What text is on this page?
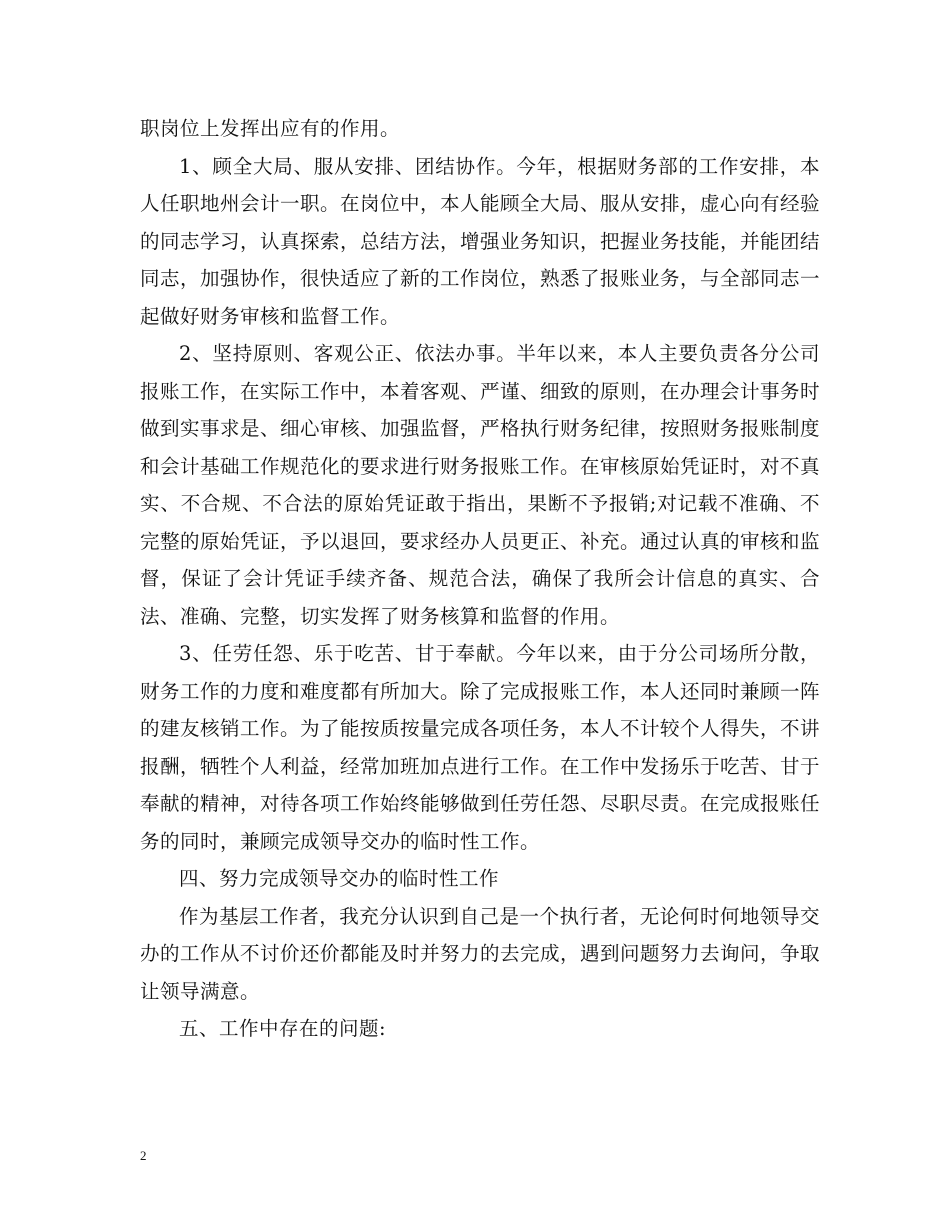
职岗位上发挥出应有的作用。

1、顾全大局、服从安排、团结协作。今年，根据财务部的工作安排，本人任职地州会计一职。在岗位中，本人能顾全大局、服从安排，虚心向有经验的同志学习，认真探索，总结方法，增强业务知识，把握业务技能，并能团结同志，加强协作，很快适应了新的工作岗位，熟悉了报账业务，与全部同志一起做好财务审核和监督工作。

2、坚持原则、客观公正、依法办事。半年以来，本人主要负责各分公司报账工作，在实际工作中，本着客观、严谨、细致的原则，在办理会计事务时做到实事求是、细心审核、加强监督，严格执行财务纪律，按照财务报账制度和会计基础工作规范化的要求进行财务报账工作。在审核原始凭证时，对不真实、不合规、不合法的原始凭证敢于指出，果断不予报销;对记载不准确、不完整的原始凭证，予以退回，要求经办人员更正、补充。通过认真的审核和监督，保证了会计凭证手续齐备、规范合法，确保了我所会计信息的真实、合法、准确、完整，切实发挥了财务核算和监督的作用。

3、任劳任怨、乐于吃苦、甘于奉献。今年以来，由于分公司场所分散，财务工作的力度和难度都有所加大。除了完成报账工作，本人还同时兼顾一阵的建友核销工作。为了能按质按量完成各项任务，本人不计较个人得失，不讲报酬，牺牲个人利益，经常加班加点进行工作。在工作中发扬乐于吃苦、甘于奉献的精神，对待各项工作始终能够做到任劳任怨、尽职尽责。在完成报账任务的同时，兼顾完成领导交办的临时性工作。

四、努力完成领导交办的临时性工作

作为基层工作者，我充分认识到自己是一个执行者，无论何时何地领导交办的工作从不讨价还价都能及时并努力的去完成，遇到问题努力去询问，争取让领导满意。

五、工作中存在的问题:

2
